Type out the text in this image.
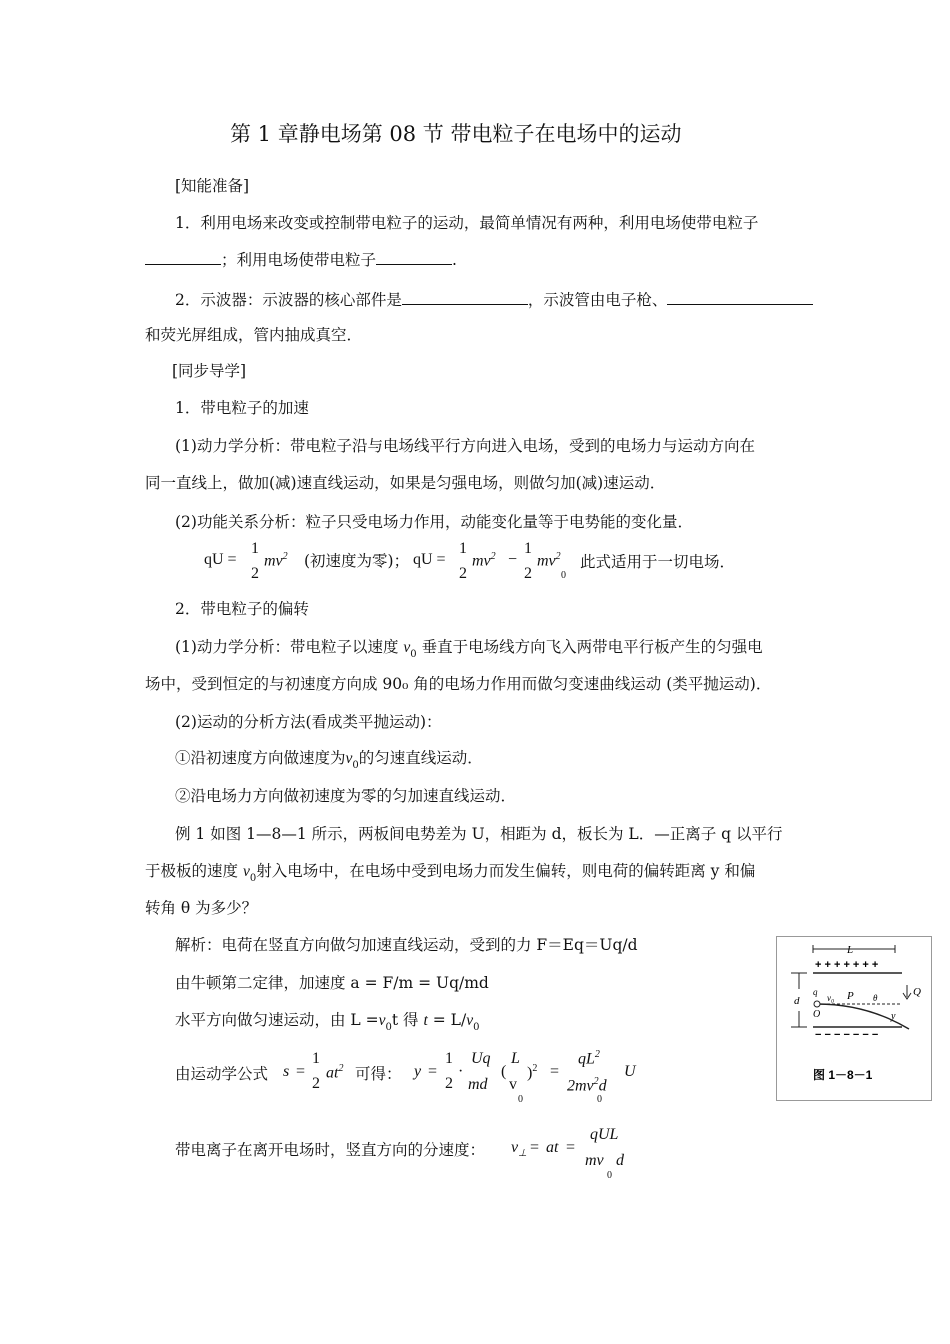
第 1 章静电场第 08 节 带电粒子在电场中的运动
[知能准备]
1．利用电场来改变或控制带电粒子的运动，最简单情况有两种，利用电场使带电粒子
；利用电场使带电粒子	.
2．示波器：示波器的核心部件是	，示波管由电子枪、
和荧光屏组成，管内抽成真空．
[同步导学]
1．带电粒子的加速
(1)动力学分析：带电粒子沿与电场线平行方向进入电场，受到的电场力与运动方向在
同一直线上，做加(减)速直线运动，如果是匀强电场，则做匀加(减)速运动．
(2)功能关系分析：粒子只受电场力作用，动能变化量等于电势能的变化量．
qU =
1
2
$mv^2$ (初速度为零)； qU =
1
2
$mv^2$ −
1
2
$mv^2$
0
此式适用于一切电场．
2．带电粒子的偏转
(1)动力学分析：带电粒子以速度 $v_0$ 垂直于电场线方向飞入两带电平行板产生的匀强电
场中，受到恒定的与初速度方向成 90₀ 角的电场力作用而做匀变速曲线运动 (类平抛运动)．
(2)运动的分析方法(看成类平抛运动)：
①沿初速度方向做速度为$v_0$的匀速直线运动．
②沿电场力方向做初速度为零的匀加速直线运动．
例 1 如图 1—8—1 所示，两板间电势差为 U，相距为 d，板长为 L．—正离子 q 以平行
于极板的速度 $v_0$射入电场中，在电场中受到电场力而发生偏转，则电荷的偏转距离 y 和偏
转角 θ 为多少？
解析：电荷在竖直方向做匀加速直线运动，受到的力 F＝Eq＝Uq/d
由牛顿第二定律，加速度 a = F/m = Uq/md
水平方向做匀速运动，由 $L =v_0t$ 得 $t = L/v_0$
由运动学公式 s =
1
2
$at^2$ 可得： y =
1
2
·
Uq
md
(
L
v
0
)$^2$ =
$qL^2$
$2mv^2d$
0
U
带电离子在离开电场时，竖直方向的分速度： $v_\perp$ = at =
qUL
mv
0
d
L
+ + + + + + +
− − − − − − −
d
q
O
v₀ P θ	Q
y
图 1－8－1
